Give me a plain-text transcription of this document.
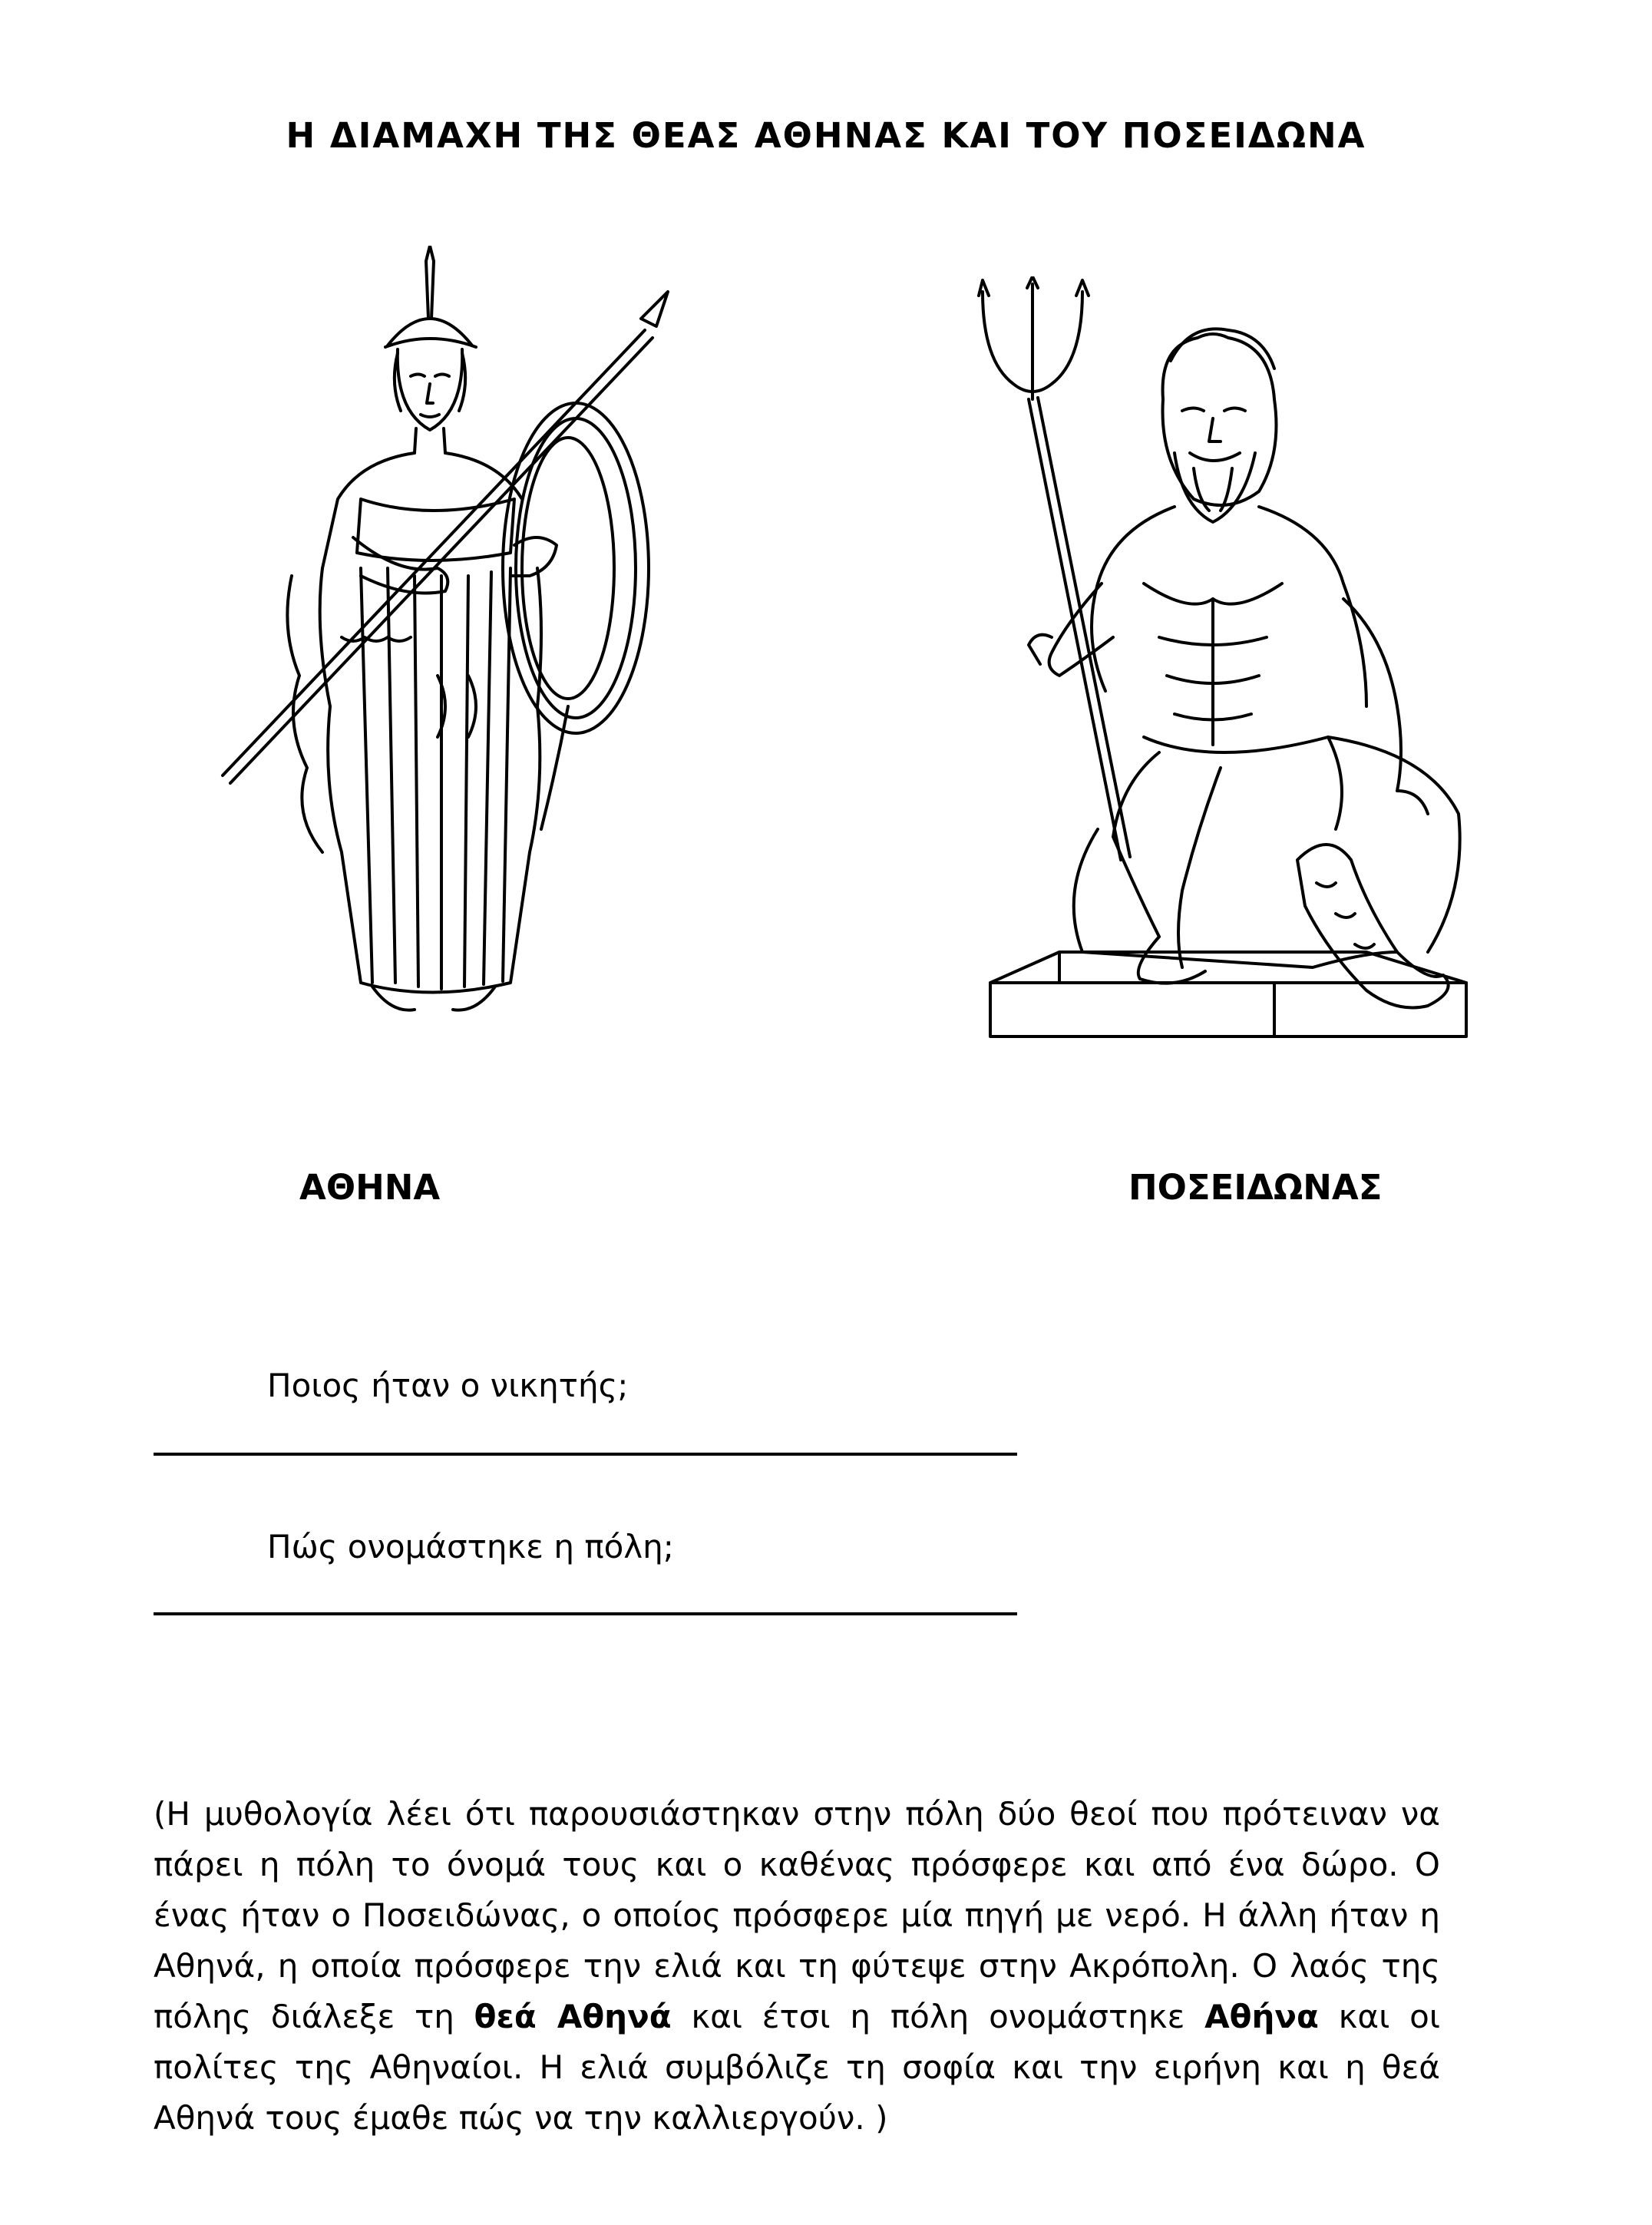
Η ΔΙΑΜΑΧΗ ΤΗΣ ΘΕΑΣ ΑΘΗΝΑΣ ΚΑΙ ΤΟΥ ΠΟΣΕΙΔΩΝΑ
ΑΘΗΝΑ	ΠΟΣΕΙΔΩΝΑΣ
Ποιος ήταν ο νικητής;
Πώς ονομάστηκε η πόλη;
(Η μυθολογία λέει ότι παρουσιάστηκαν στην πόλη δύο θεοί που πρότειναν να πάρει η πόλη το όνομά τους και ο καθένας πρόσφερε και από ένα δώρο. Ο ένας ήταν ο Ποσειδώνας, ο οποίος πρόσφερε μία πηγή με νερό. Η άλλη ήταν η Αθηνά, η οποία πρόσφερε την ελιά και τη φύτεψε στην Ακρόπολη. Ο λαός της πόλης διάλεξε τη θεά Αθηνά και έτσι η πόλη ονομάστηκε Αθήνα και οι πολίτες της Αθηναίοι. Η ελιά συμβόλιζε τη σοφία και την ειρήνη και η θεά Αθηνά τους έμαθε πώς να την καλλιεργούν. )
